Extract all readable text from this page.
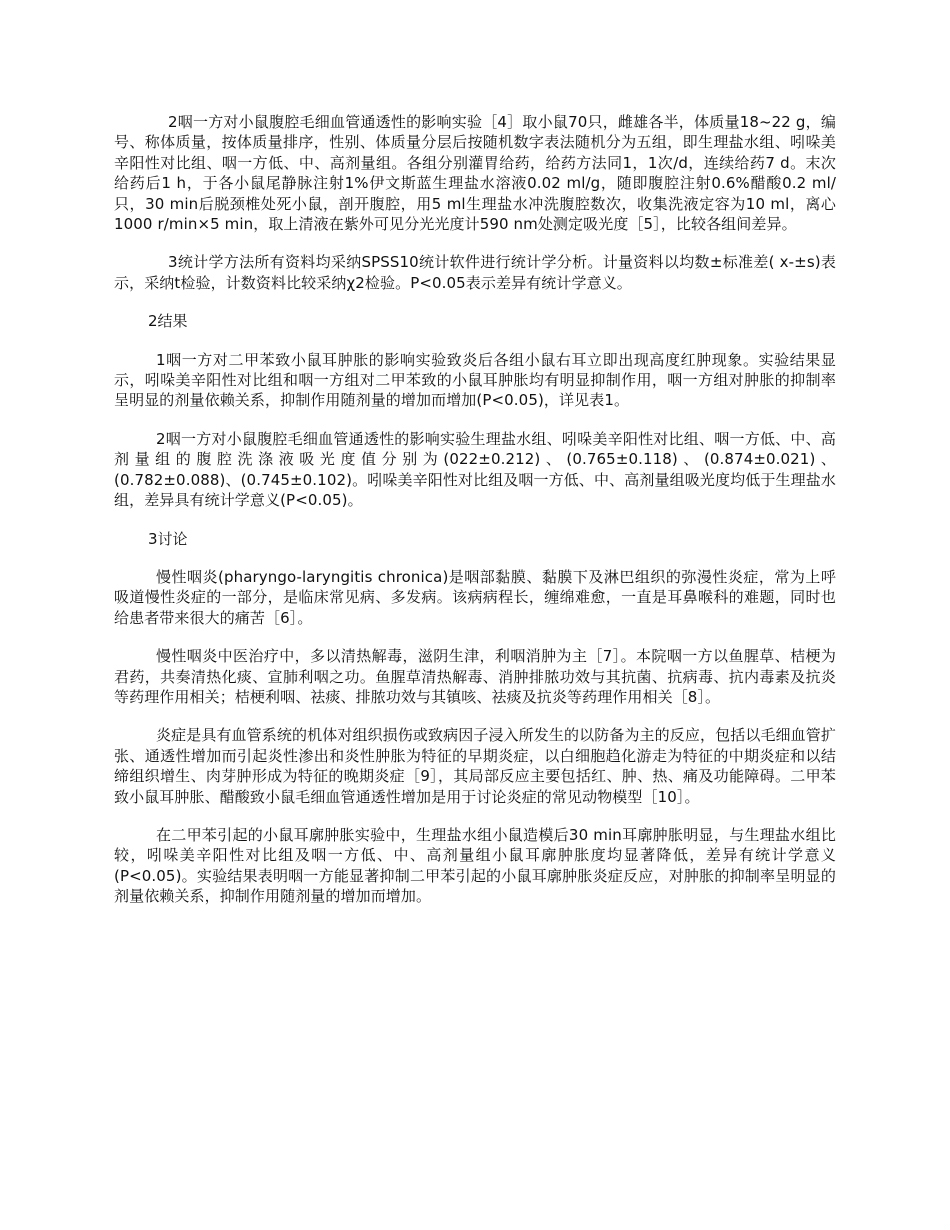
2咽一方对小鼠腹腔毛细血管通透性的影响实验［4］取小鼠70只，雌雄各半，体质量18~22 g，编号、称体质量，按体质量排序，性别、体质量分层后按随机数字表法随机分为五组，即生理盐水组、吲哚美辛阳性对比组、咽一方低、中、高剂量组。各组分别灌胃给药，给药方法同1，1次/d，连续给药7 d。末次给药后1 h，于各小鼠尾静脉注射1%伊文斯蓝生理盐水溶液0.02 ml/g，随即腹腔注射0.6%醋酸0.2 ml/只，30 min后脱颈椎处死小鼠，剖开腹腔，用5 ml生理盐水冲洗腹腔数次，收集洗液定容为10 ml，离心1000 r/min×5 min，取上清液在紫外可见分光光度计590 nm处测定吸光度［5］，比较各组间差异。

3统计学方法所有资料均采纳SPSS10统计软件进行统计学分析。计量资料以均数±标准差( x-±s)表示，采纳t检验，计数资料比较采纳χ2检验。P<0.05表示差异有统计学意义。

2结果

1咽一方对二甲苯致小鼠耳肿胀的影响实验致炎后各组小鼠右耳立即出现高度红肿现象。实验结果显示，吲哚美辛阳性对比组和咽一方组对二甲苯致的小鼠耳肿胀均有明显抑制作用，咽一方组对肿胀的抑制率呈明显的剂量依赖关系，抑制作用随剂量的增加而增加(P<0.05)，详见表1。

2咽一方对小鼠腹腔毛细血管通透性的影响实验生理盐水组、吲哚美辛阳性对比组、咽一方低、中、高剂量组的腹腔洗涤液吸光度值分别为(022±0.212)、(0.765±0.118)、(0.874±0.021)、(0.782±0.088)、(0.745±0.102)。吲哚美辛阳性对比组及咽一方低、中、高剂量组吸光度均低于生理盐水组，差异具有统计学意义(P<0.05)。

3讨论

慢性咽炎(pharyngo-laryngitis chronica)是咽部黏膜、黏膜下及淋巴组织的弥漫性炎症，常为上呼吸道慢性炎症的一部分，是临床常见病、多发病。该病病程长，缠绵难愈，一直是耳鼻喉科的难题，同时也给患者带来很大的痛苦［6］。

慢性咽炎中医治疗中，多以清热解毒，滋阴生津，利咽消肿为主［7］。本院咽一方以鱼腥草、桔梗为君药，共奏清热化痰、宣肺利咽之功。鱼腥草清热解毒、消肿排脓功效与其抗菌、抗病毒、抗内毒素及抗炎等药理作用相关；桔梗利咽、祛痰、排脓功效与其镇咳、祛痰及抗炎等药理作用相关［8］。

炎症是具有血管系统的机体对组织损伤或致病因子浸入所发生的以防备为主的反应，包括以毛细血管扩张、通透性增加而引起炎性渗出和炎性肿胀为特征的早期炎症，以白细胞趋化游走为特征的中期炎症和以结缔组织增生、肉芽肿形成为特征的晚期炎症［9］，其局部反应主要包括红、肿、热、痛及功能障碍。二甲苯致小鼠耳肿胀、醋酸致小鼠毛细血管通透性增加是用于讨论炎症的常见动物模型［10］。

在二甲苯引起的小鼠耳廓肿胀实验中，生理盐水组小鼠造模后30 min耳廓肿胀明显，与生理盐水组比较，吲哚美辛阳性对比组及咽一方低、中、高剂量组小鼠耳廓肿胀度均显著降低，差异有统计学意义(P<0.05)。实验结果表明咽一方能显著抑制二甲苯引起的小鼠耳廓肿胀炎症反应，对肿胀的抑制率呈明显的剂量依赖关系，抑制作用随剂量的增加而增加。
